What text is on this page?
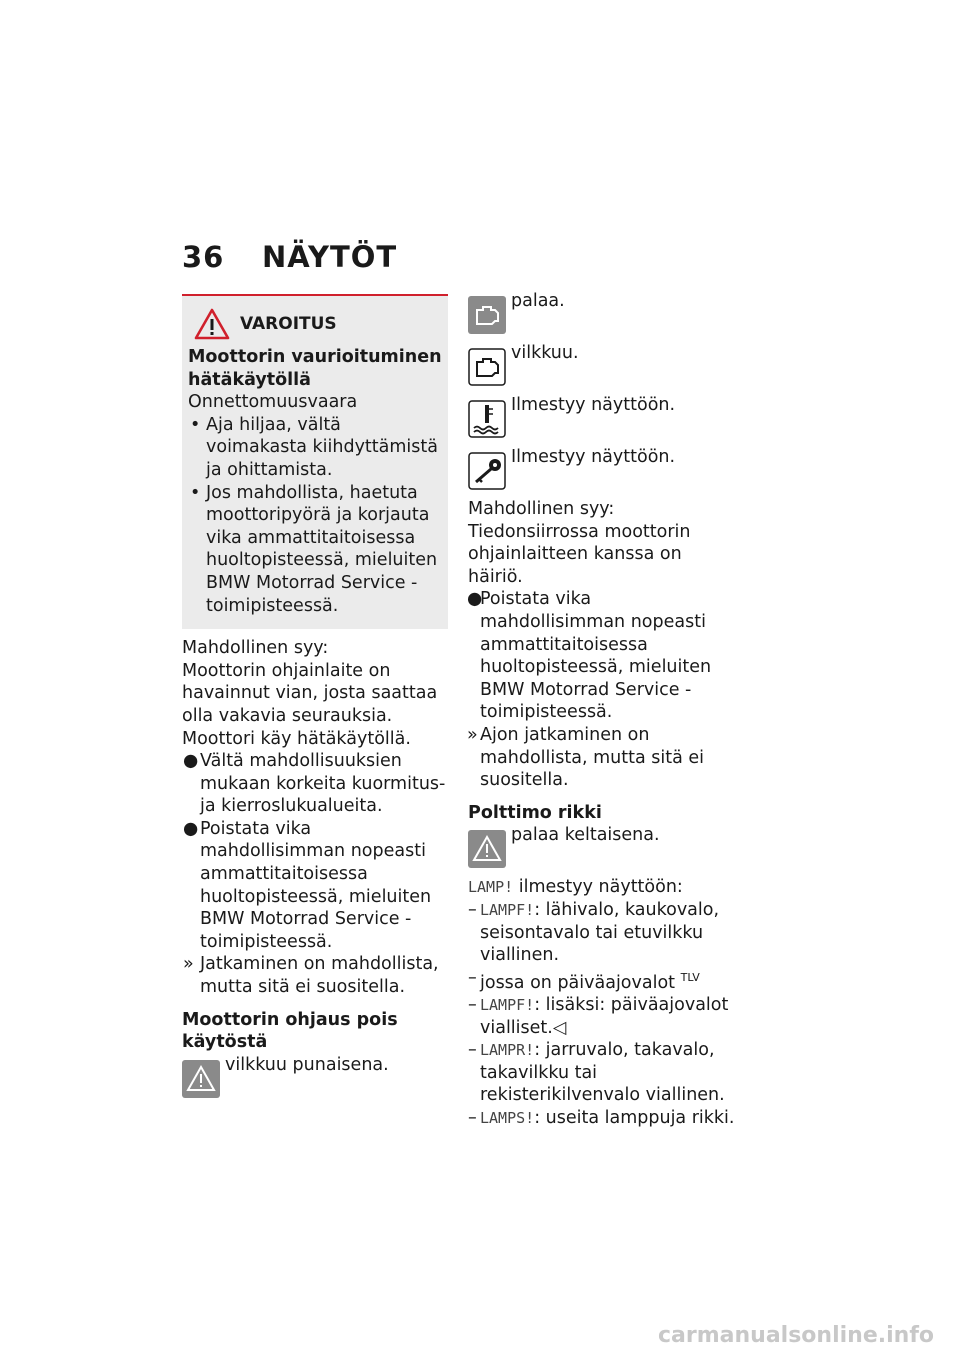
36 NÄYTÖT
VAROITUS

Moottorin vaurioituminen hätäkäytöllä

Onnettomuusvaara

• Aja hiljaa, vältä voimakasta kiihdyttämistä ja ohittamista.
• Jos mahdollista, haetuta moottoripyörä ja korjauta vika ammattitaitoisessa huoltopisteessä, mieluiten BMW Motorrad Service -toimipisteessä.

Mahdollinen syy:

Moottorin ohjainlaite on havainnut vian, josta saattaa olla vakavia seurauksia. Moottori käy hätäkäytöllä.

● Vältä mahdollisuuksien mukaan korkeita kuormitus- ja kierroslukualueita.
● Poistata vika mahdollisimman nopeasti ammattitaitoisessa huoltopisteessä, mieluiten BMW Motorrad Service -toimipisteessä.
» Jatkaminen on mahdollista, mutta sitä ei suositella.

Moottorin ohjaus pois käytöstä

vilkkuu punaisena.
palaa.
vilkkuu.
Ilmestyy näyttöön.
Ilmestyy näyttöön.

Mahdollinen syy:

Tiedonsiirrossa moottorin ohjainlaitteen kanssa on häiriö.

●
Poistata vika mahdollisimman nopeasti ammattitaitoisessa huoltopisteessä, mieluiten BMW Motorrad Service -toimipisteessä.
» Ajon jatkaminen on mahdollista, mutta sitä ei suositella.

Polttimo rikki

palaa keltaisena.

LAMP! ilmestyy näyttöön:

– LAMPF!: lähivalo, kaukovalo, seisontavalo tai etuvilkku viallinen.
– jossa on päiväajovalot $^{TLV}$
– LAMPF!: lisäksi: päiväajovalot vialliset.◁
– LAMPR!: jarruvalo, takavalo, takavilkku tai rekisterikilvenvalo viallinen.
– LAMPS!: useita lamppuja rikki.
carmanualsonline.info
